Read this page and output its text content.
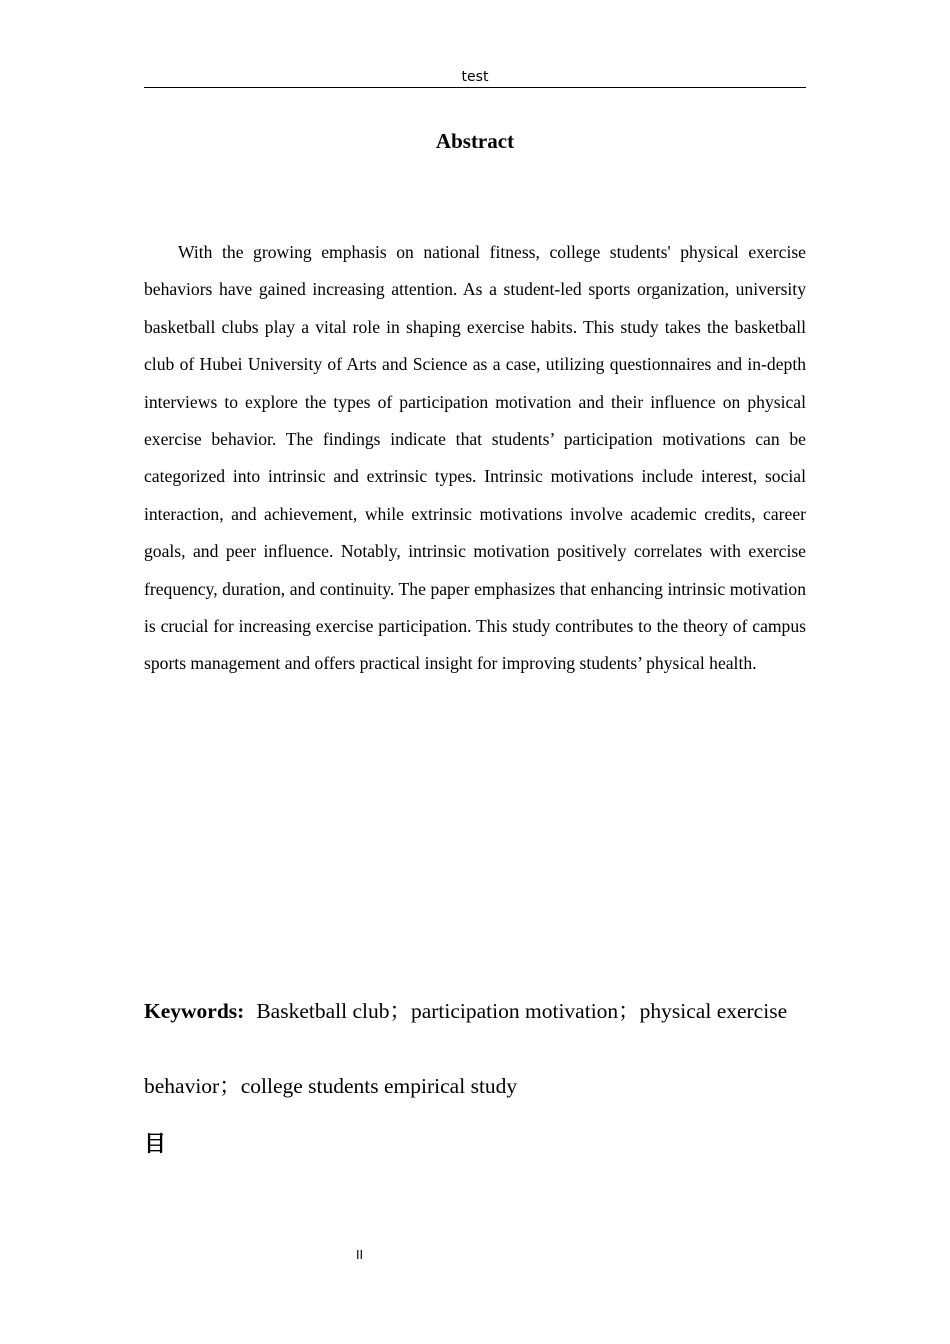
test
Abstract

With the growing emphasis on national fitness, college students' physical exercise behaviors have gained increasing attention. As a student-led sports organization, university basketball clubs play a vital role in shaping exercise habits. This study takes the basketball club of Hubei University of Arts and Science as a case, utilizing questionnaires and in-depth interviews to explore the types of participation motivation and their influence on physical exercise behavior. The findings indicate that students’ participation motivations can be categorized into intrinsic and extrinsic types. Intrinsic motivations include interest, social interaction, and achievement, while extrinsic motivations involve academic credits, career goals, and peer influence. Notably, intrinsic motivation positively correlates with exercise frequency, duration, and continuity. The paper emphasizes that enhancing intrinsic motivation is crucial for increasing exercise participation. This study contributes to the theory of campus sports management and offers practical insight for improving students’ physical health.

Keywords: Basketball club；participation motivation；physical exercise behavior；college students empirical study

目
II
